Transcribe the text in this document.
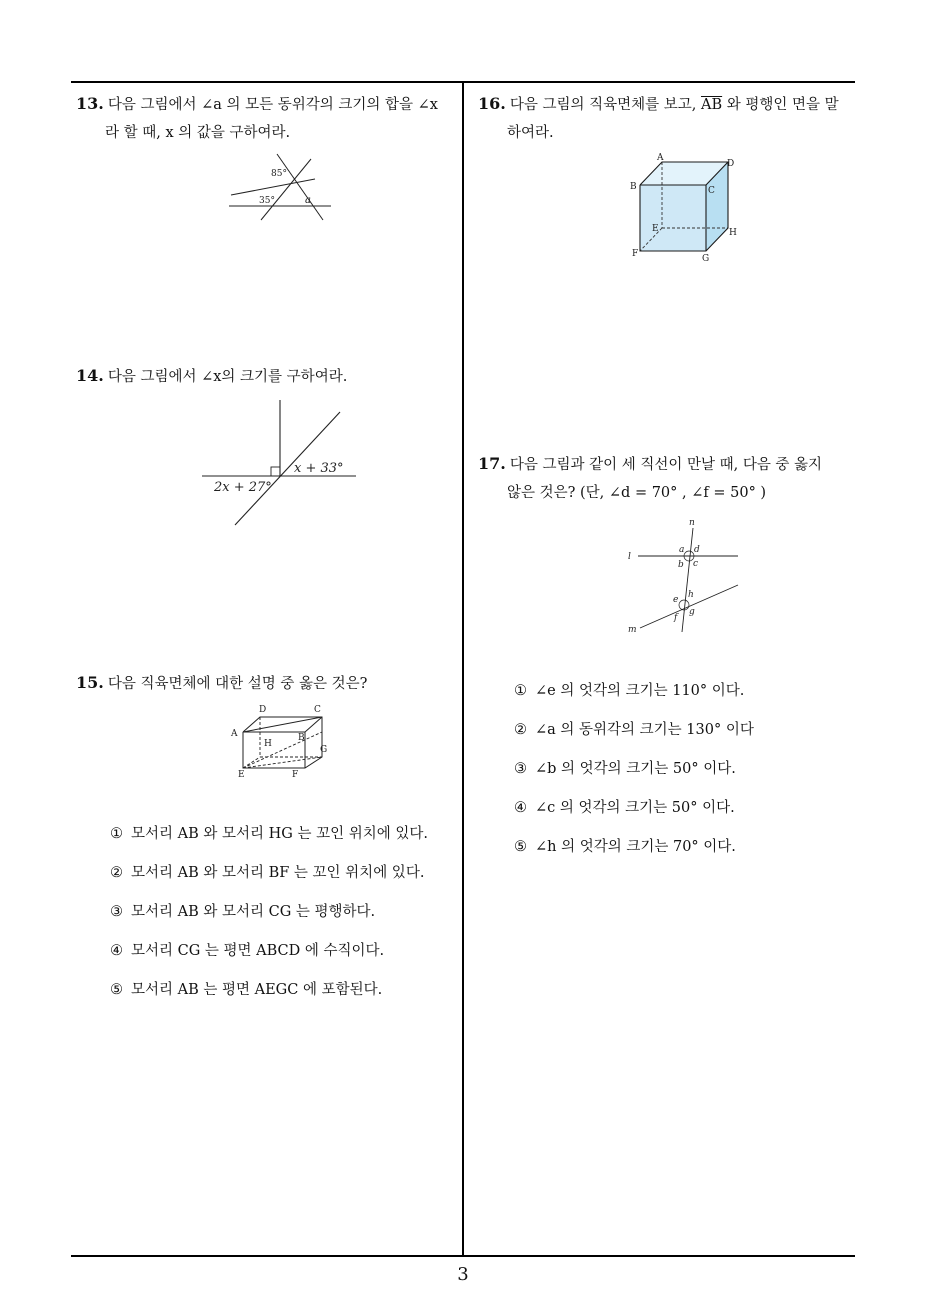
13. 다음 그림에서 ∠a 의 모든 동위각의 크기의 합을 ∠x
라 할 때, x 의 값을 구하여라.
85°
35°	a
14. 다음 그림에서 ∠x의 크기를 구하여라.
x + 33°
2x + 27°
15. 다음 직육면체에 대한 설명 중 옳은 것은?
D	C
A
H
B
G
E	F
① 모서리 AB 와 모서리 HG 는 꼬인 위치에 있다.
② 모서리 AB 와 모서리 BF 는 꼬인 위치에 있다.
③ 모서리 AB 와 모서리 CG 는 평행하다.
④ 모서리 CG 는 평면 ABCD 에 수직이다.
⑤ 모서리 AB 는 평면 AEGC 에 포함된다.
16. 다음 그림의 직육면체를 보고, $\overline{AB}$ 와 평행인 면을 말
하여라.
A
D
B	C
E	H
F	G
17. 다음 그림과 같이 세 직선이 만날 때, 다음 중 옳지
않은 것은? (단, ∠d = 70° , ∠f = 50° )
n
l
a d
b c
e h
f
g
m
① ∠e 의 엇각의 크기는 110° 이다.
② ∠a 의 동위각의 크기는 130° 이다
③ ∠b 의 엇각의 크기는 50° 이다.
④ ∠c 의 엇각의 크기는 50° 이다.
⑤ ∠h 의 엇각의 크기는 70° 이다.
3
